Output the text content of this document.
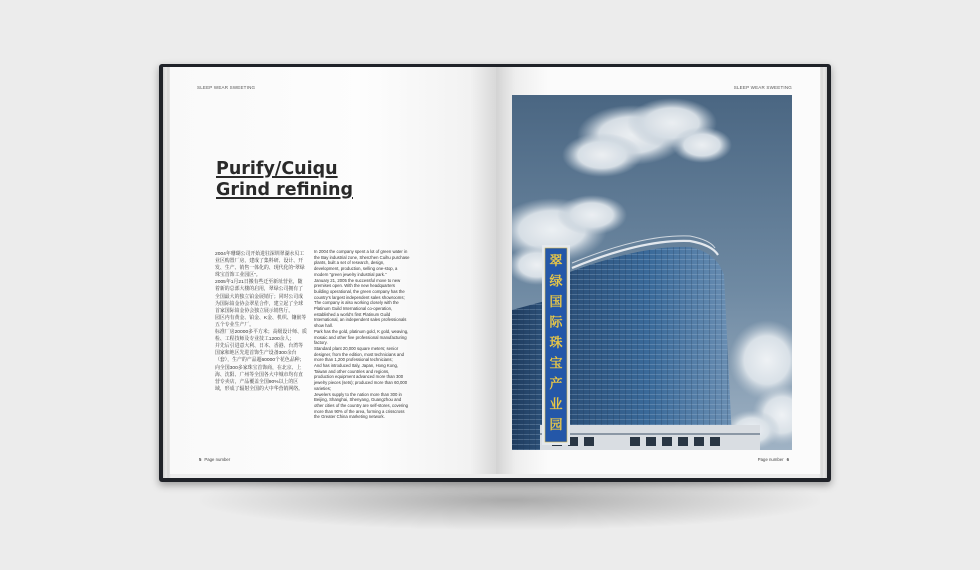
SLEEP WEAR SWEETING
Purify/Cuiqu
Grind refining

2004年珊瑚公司开始进驻深圳翠湖水贝工业区购置厂房，建成了集料研、设计、开发、生产、销售一体化的、现代化的“翠绿珠宝首饰工业园区”。

2005年1月21日搬有些迁至新址营业，随着新的总部大楼的启用，翠绿公司拥有了全国最大的独立铂金展销厅；同时公司成为国际铂金协会翠星合作，建立起了全球首家国际铂金协会独立展示销售厅。

园区内有黄金、铂金、K金、机织、镶嵌等五个专业生产厂。

标准厂房20000多平方米；高级设计师、质检、工程技师及专业技工1200余人；

并先后引进意大利、日本、香港、台湾等国家和地区先进首饰生产设备300余台（套），生产的产品超60000个花色品种；

向全国300多家珠宝首饰商，在北京、上海、沈阳、广州等全国各大中城市均有直营专卖店，产品覆盖全国90%以上的区域，形成了辐射全国的大中华营销网络。

In 2004 the company spent a lot of green water in the Bay industrial zone, Shenzhen Cuihu purchase plants, built a set of research, design, development, production, selling one-stop, a modern “green jewelry industrial park.”

January 21, 2005 the successful move to new premises open. With the new headquarters building operational, the green company has the country’s largest independent sales showrooms; The company is also working closely with the Platinum Guild International co-operation, established a world’s first Platinum Guild International, an independent sales professionals show hall.

Park has the gold, platinum gold, K gold, weaving, mosaic and other five professional manufacturing factory.

Standard plant 20,000 square meters; senior designer, from the edition, most technicians and more than 1,200 professional technicians;

And has introduced Italy, Japan, Hong Kong, Taiwan and other countries and regions, production equipment advanced more than 300 jewelry pieces (sets); produced more than 60,000 varieties;

Jewelers supply to the nation more than 300 in Beijing, Shanghai, Shenyang, Guangzhou and other cities of the country are self-stores, covering more than 90% of the area, forming a crisscross the Greater China marketing network.

5 Page number
SLEEP WEAR SWEETING
翠
绿
国
际
珠
宝
产
业
园
Page number 6
